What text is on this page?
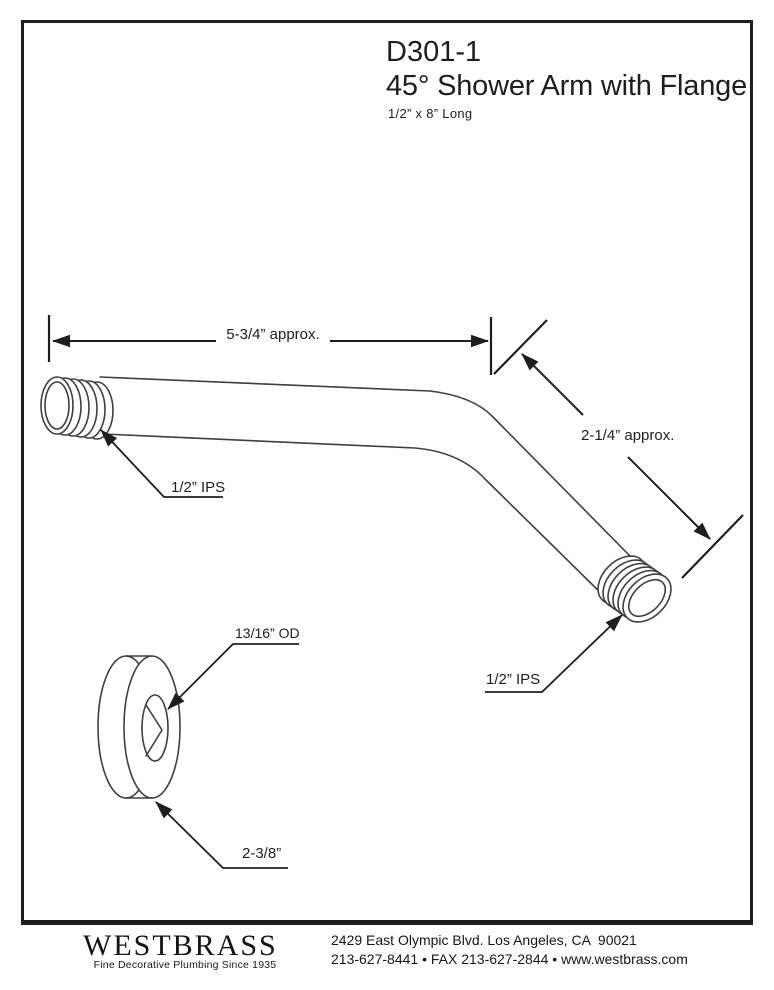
D301-1
45° Shower Arm with Flange
1/2” x 8” Long
5-3/4” approx.
2-1/4” approx.
1/2” IPS
1/2” IPS
13/16” OD
2-3/8”
WESTBRASS
Fine Decorative Plumbing Since 1935
2429 East Olympic Blvd. Los Angeles, CA  90021
213-627-8441 • FAX 213-627-2844 • www.westbrass.com
